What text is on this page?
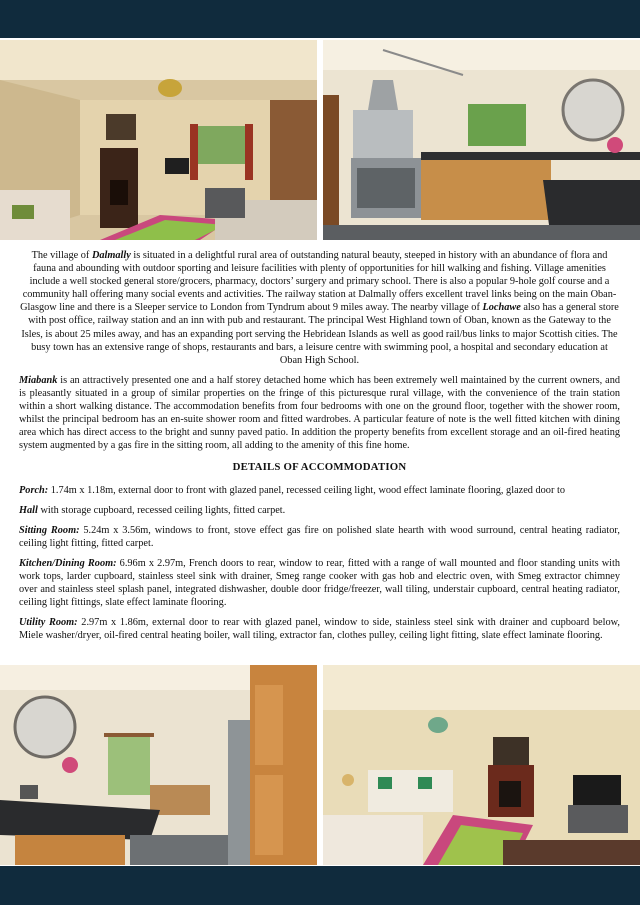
The village of Dalmally is situated in a delightful rural area of outstanding natural beauty, steeped in history with an abundance of flora and fauna and abounding with outdoor sporting and leisure facilities with plenty of opportunities for hill walking and fishing. Village amenities include a well stocked general store/grocers, pharmacy, doctors’ surgery and primary school. There is also a popular 9-hole golf course and a community hall offering many social events and activities. The railway station at Dalmally offers excellent travel links being on the main Oban-Glasgow line and there is a Sleeper service to London from Tyndrum about 9 miles away. The nearby village of Lochawe also has a general store with post office, railway station and an inn with pub and restaurant. The principal West Highland town of Oban, known as the Gateway to the Isles, is about 25 miles away, and has an expanding port serving the Hebridean Islands as well as good rail/bus links to major Scottish cities. The busy town has an extensive range of shops, restaurants and bars, a leisure centre with swimming pool, a hospital and secondary education at Oban High School.

Miabank is an attractively presented one and a half storey detached home which has been extremely well maintained by the current owners, and is pleasantly situated in a group of similar properties on the fringe of this picturesque rural village, with the convenience of the train station within a short walking distance. The accommodation benefits from four bedrooms with one on the ground floor, together with the shower room, whilst the principal bedroom has an en-suite shower room and fitted wardrobes. A particular feature of note is the well fitted kitchen with dining area which has direct access to the bright and sunny paved patio. In addition the property benefits from excellent storage and an oil-fired heating system augmented by a gas fire in the sitting room, all adding to the amenity of this fine home.

DETAILS OF ACCOMMODATION

Porch: 1.74m x 1.18m, external door to front with glazed panel, recessed ceiling light, wood effect laminate flooring, glazed door to

Hall with storage cupboard, recessed ceiling lights, fitted carpet.

Sitting Room: 5.24m x 3.56m, windows to front, stove effect gas fire on polished slate hearth with wood surround, central heating radiator, ceiling light fitting, fitted carpet.

Kitchen/Dining Room: 6.96m x 2.97m, French doors to rear, window to rear, fitted with a range of wall mounted and floor standing units with work tops, larder cupboard, stainless steel sink with drainer, Smeg range cooker with gas hob and electric oven, with Smeg extractor chimney over and stainless steel splash panel, integrated dishwasher, double door fridge/freezer, wall tiling, understair cupboard, central heating radiator, ceiling light fittings, slate effect laminate flooring.

Utility Room: 2.97m x 1.86m, external door to rear with glazed panel, window to side, stainless steel sink with drainer and cupboard below, Miele washer/dryer, oil-fired central heating boiler, wall tiling, extractor fan, clothes pulley, ceiling light fitting, slate effect laminate flooring.
